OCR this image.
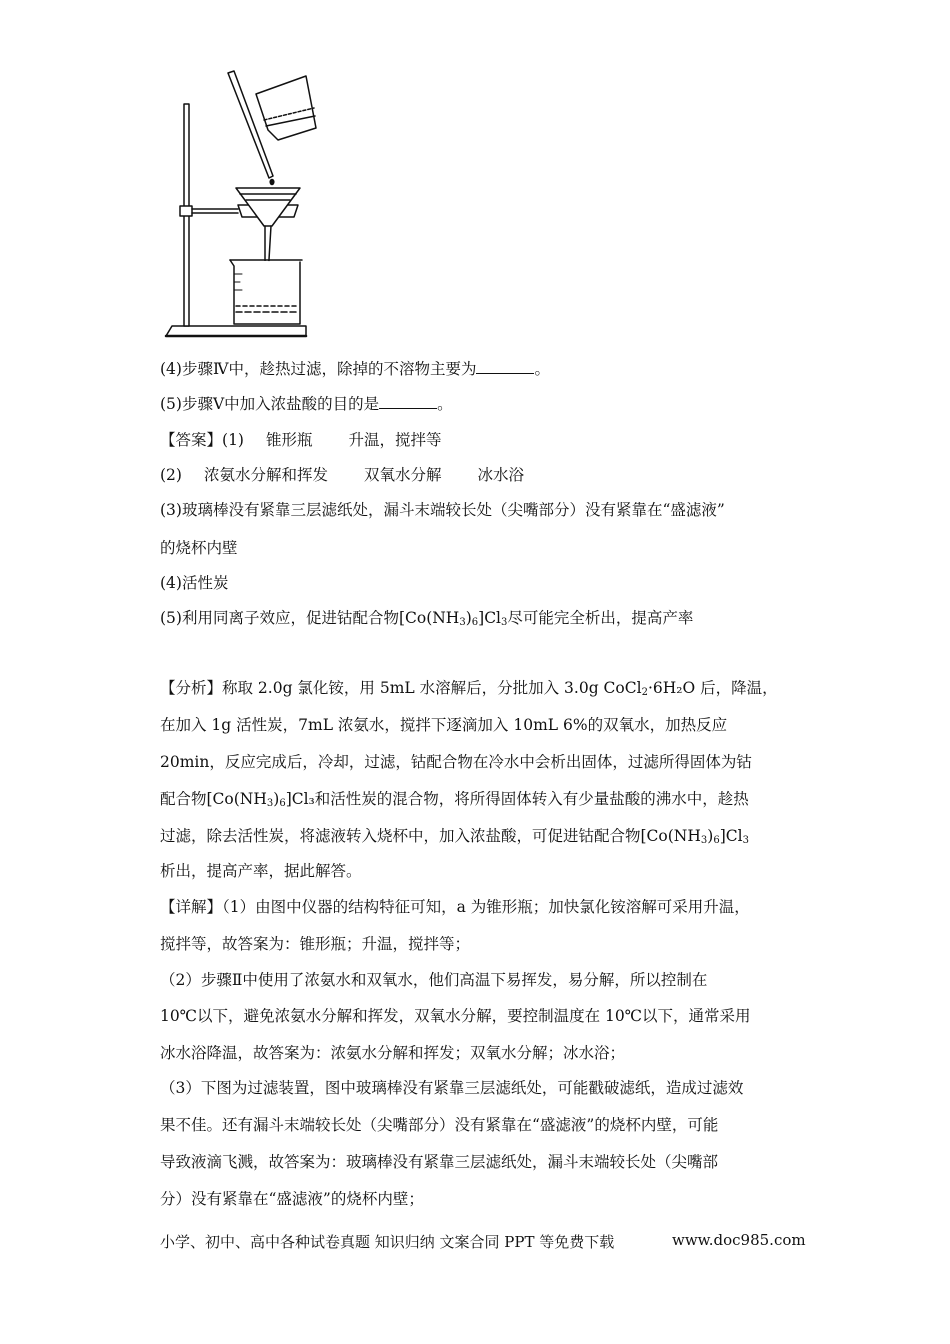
(4)步骤Ⅳ中，趁热过滤，除掉的不溶物主要为	。
(5)步骤Ⅴ中加入浓盐酸的目的是	。
【答案】(1) 锥形瓶 升温，搅拌等
(2) 浓氨水分解和挥发 双氧水分解 冰水浴
(3)玻璃棒没有紧靠三层滤纸处，漏斗末端较长处（尖嘴部分）没有紧靠在“盛滤液”
的烧杯内壁
(4)活性炭
(5)利用同离子效应，促进钴配合物$[Co(NH_3)_6]Cl_3$尽可能完全析出，提高产率
【分析】称取 2.0g 氯化铵，用 5mL 水溶解后，分批加入 3.0g CoCl$_2$·6H₂O 后，降温，
在加入 1g 活性炭，7mL 浓氨水，搅拌下逐滴加入 10mL 6%的双氧水，加热反应
20min，反应完成后，冷却，过滤，钴配合物在冷水中会析出固体，过滤所得固体为钴
配合物$[Co(NH_3)_6]Cl_3$和活性炭的混合物，将所得固体转入有少量盐酸的沸水中，趁热
过滤，除去活性炭，将滤液转入烧杯中，加入浓盐酸，可促进钴配合物$[Co(NH_3)_6]Cl_3$
析出，提高产率，据此解答。
【详解】（1）由图中仪器的结构特征可知，a 为锥形瓶；加快氯化铵溶解可采用升温，
搅拌等，故答案为：锥形瓶；升温，搅拌等；
（2）步骤Ⅱ中使用了浓氨水和双氧水，他们高温下易挥发，易分解，所以控制在
10℃以下，避免浓氨水分解和挥发，双氧水分解，要控制温度在 10℃以下，通常采用
冰水浴降温，故答案为：浓氨水分解和挥发；双氧水分解；冰水浴；
（3）下图为过滤装置，图中玻璃棒没有紧靠三层滤纸处，可能戳破滤纸，造成过滤效
果不佳。还有漏斗末端较长处（尖嘴部分）没有紧靠在“盛滤液”的烧杯内壁，可能
导致液滴飞溅，故答案为：玻璃棒没有紧靠三层滤纸处，漏斗末端较长处（尖嘴部
分）没有紧靠在“盛滤液”的烧杯内壁；
小学、初中、高中各种试卷真题 知识归纳 文案合同 PPT 等免费下载	www.doc985.com
